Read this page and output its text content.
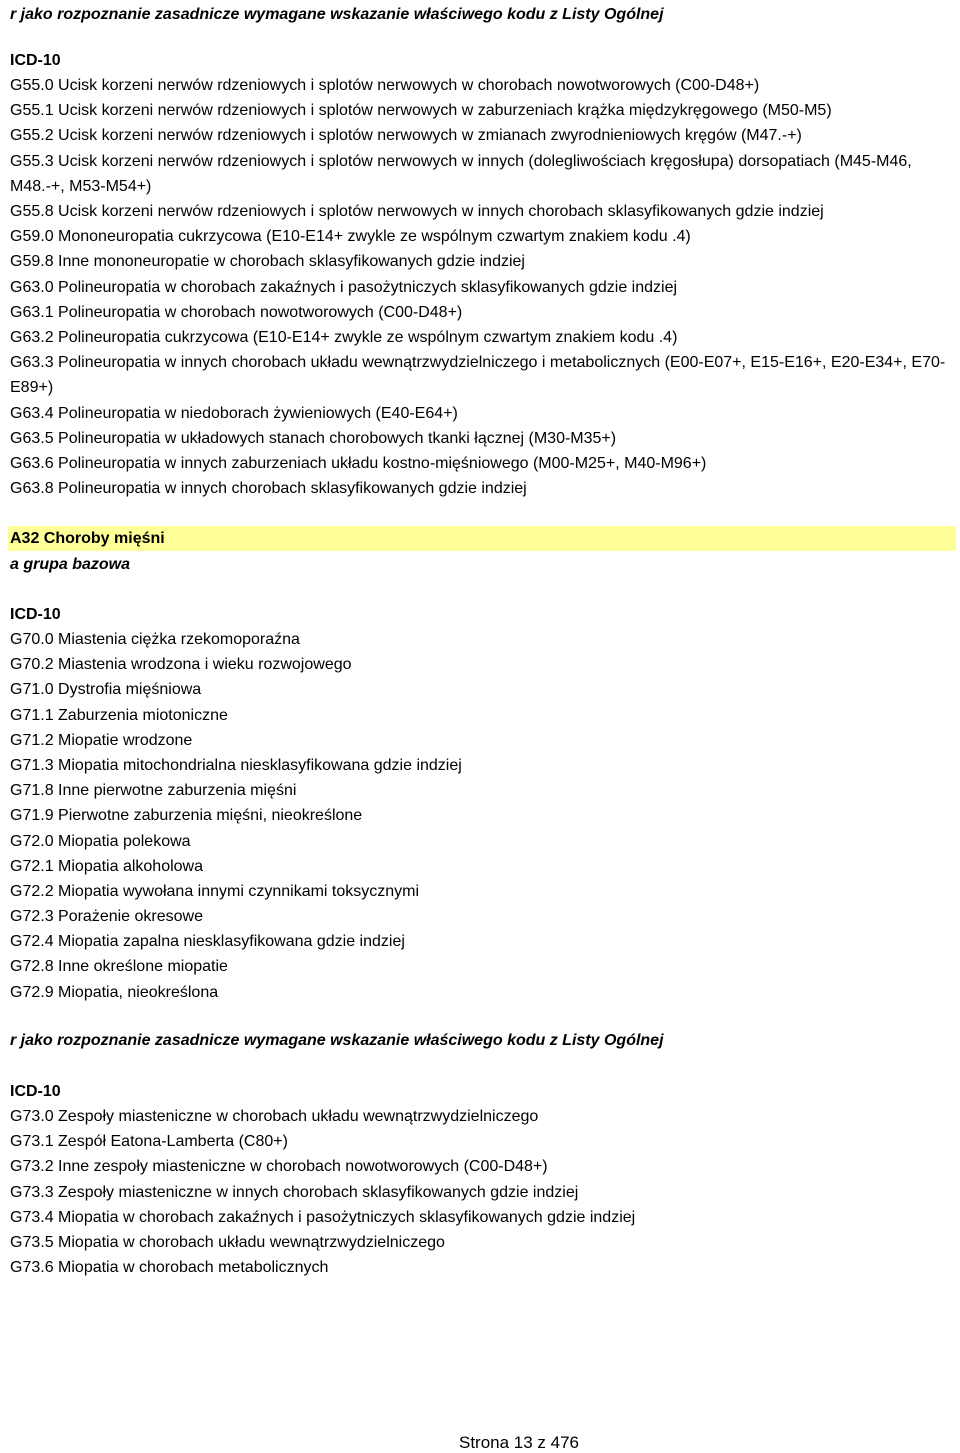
r jako rozpoznanie zasadnicze wymagane wskazanie właściwego kodu z Listy Ogólnej
ICD-10
G55.0 Ucisk korzeni nerwów rdzeniowych i splotów nerwowych w chorobach nowotworowych (C00-D48+)
G55.1 Ucisk korzeni nerwów rdzeniowych i splotów nerwowych w zaburzeniach krążka międzykręgowego (M50-M5)
G55.2 Ucisk korzeni nerwów rdzeniowych i splotów nerwowych w zmianach zwyrodnieniowych kręgów (M47.-+)
G55.3 Ucisk korzeni nerwów rdzeniowych i splotów nerwowych w innych (dolegliwościach kręgosłupa) dorsopatiach (M45-M46, M48.-+, M53-M54+)
G55.8 Ucisk korzeni nerwów rdzeniowych i splotów nerwowych w innych chorobach sklasyfikowanych gdzie indziej
G59.0 Mononeuropatia cukrzycowa (E10-E14+ zwykle ze wspólnym czwartym znakiem kodu .4)
G59.8 Inne mononeuropatie w chorobach sklasyfikowanych gdzie indziej
G63.0 Polineuropatia w chorobach zakaźnych i pasożytniczych sklasyfikowanych gdzie indziej
G63.1 Polineuropatia w chorobach nowotworowych (C00-D48+)
G63.2 Polineuropatia cukrzycowa (E10-E14+ zwykle ze wspólnym czwartym znakiem kodu .4)
G63.3 Polineuropatia w innych chorobach układu wewnątrzwydzielniczego i metabolicznych (E00-E07+, E15-E16+, E20-E34+, E70-E89+)
G63.4 Polineuropatia w niedoborach żywieniowych (E40-E64+)
G63.5 Polineuropatia w układowych stanach chorobowych tkanki łącznej (M30-M35+)
G63.6 Polineuropatia w innych zaburzeniach układu kostno-mięśniowego (M00-M25+, M40-M96+)
G63.8 Polineuropatia w innych chorobach sklasyfikowanych gdzie indziej
A32 Choroby mięśni
a grupa bazowa
ICD-10
G70.0 Miastenia ciężka rzekomoporaźna
G70.2 Miastenia wrodzona i wieku rozwojowego
G71.0 Dystrofia mięśniowa
G71.1 Zaburzenia miotoniczne
G71.2 Miopatie wrodzone
G71.3 Miopatia mitochondrialna niesklasyfikowana gdzie indziej
G71.8 Inne pierwotne zaburzenia mięśni
G71.9 Pierwotne zaburzenia mięśni, nieokreślone
G72.0 Miopatia polekowa
G72.1 Miopatia alkoholowa
G72.2 Miopatia wywołana innymi czynnikami toksycznymi
G72.3 Porażenie okresowe
G72.4 Miopatia zapalna niesklasyfikowana gdzie indziej
G72.8 Inne określone miopatie
G72.9 Miopatia, nieokreślona
r jako rozpoznanie zasadnicze wymagane wskazanie właściwego kodu z Listy Ogólnej
ICD-10
G73.0 Zespoły miasteniczne w chorobach układu wewnątrzwydzielniczego
G73.1 Zespół Eatona-Lamberta (C80+)
G73.2 Inne zespoły miasteniczne w chorobach nowotworowych (C00-D48+)
G73.3 Zespoły miasteniczne w innych chorobach sklasyfikowanych gdzie indziej
G73.4 Miopatia w chorobach zakaźnych i pasożytniczych sklasyfikowanych gdzie indziej
G73.5 Miopatia w chorobach układu wewnątrzwydzielniczego
G73.6 Miopatia w chorobach metabolicznych
Strona 13 z 476
